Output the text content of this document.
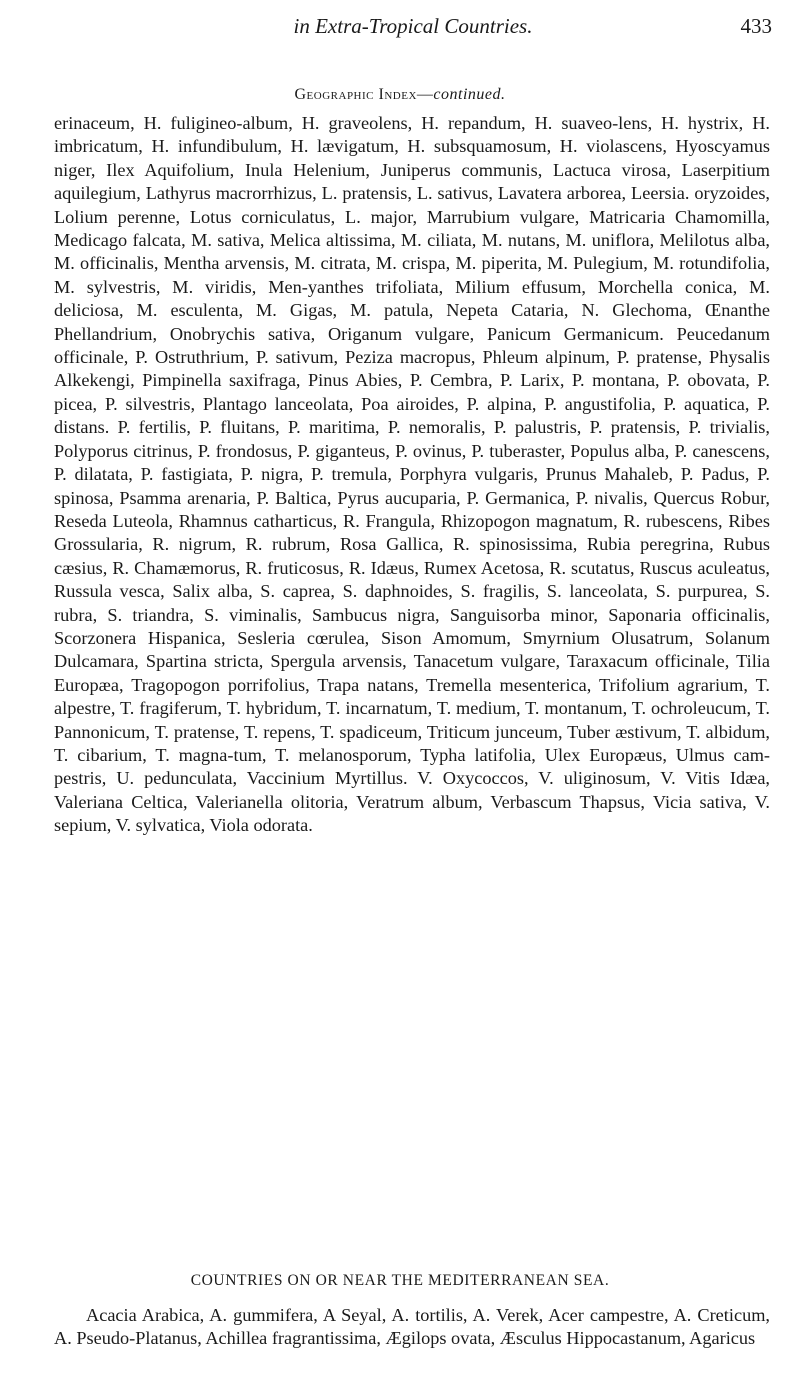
in Extra-Tropical Countries.	433
Geographic Index—continued.

erinaceum, H. fuligineo-album, H. graveolens, H. repandum, H. suaveo-lens, H. hystrix, H. imbricatum, H. infundibulum, H. lævigatum, H. subsquamosum, H. violascens, Hyoscyamus niger, Ilex Aquifolium, Inula Helenium, Juniperus communis, Lactuca virosa, Laserpitium aquilegium, Lathyrus macrorrhizus, L. pratensis, L. sativus, Lavatera arborea, Leersia. oryzoides, Lolium perenne, Lotus corniculatus, L. major, Marrubium vulgare, Matricaria Chamomilla, Medicago falcata, M. sativa, Melica altissima, M. ciliata, M. nutans, M. uniflora, Melilotus alba, M. officinalis, Mentha arvensis, M. citrata, M. crispa, M. piperita, M. Pulegium, M. rotundifolia, M. sylvestris, M. viridis, Men-yanthes trifoliata, Milium effusum, Morchella conica, M. deliciosa, M. esculenta, M. Gigas, M. patula, Nepeta Cataria, N. Glechoma, Œnanthe Phellandrium, Onobrychis sativa, Origanum vulgare, Panicum Germanicum. Peucedanum officinale, P. Ostruthrium, P. sativum, Peziza macropus, Phleum alpinum, P. pratense, Physalis Alkekengi, Pimpinella saxifraga, Pinus Abies, P. Cembra, P. Larix, P. montana, P. obovata, P. picea, P. silvestris, Plantago lanceolata, Poa airoides, P. alpina, P. angustifolia, P. aquatica, P. distans. P. fertilis, P. fluitans, P. maritima, P. nemoralis, P. palustris, P. pratensis, P. trivialis, Polyporus citrinus, P. frondosus, P. giganteus, P. ovinus, P. tuberaster, Populus alba, P. canescens, P. dilatata, P. fastigiata, P. nigra, P. tremula, Porphyra vulgaris, Prunus Mahaleb, P. Padus, P. spinosa, Psamma arenaria, P. Baltica, Pyrus aucuparia, P. Germanica, P. nivalis, Quercus Robur, Reseda Luteola, Rhamnus catharticus, R. Frangula, Rhizopogon magnatum, R. rubescens, Ribes Grossularia, R. nigrum, R. rubrum, Rosa Gallica, R. spinosissima, Rubia peregrina, Rubus cæsius, R. Chamæmorus, R. fruticosus, R. Idæus, Rumex Acetosa, R. scutatus, Ruscus aculeatus, Russula vesca, Salix alba, S. caprea, S. daphnoides, S. fragilis, S. lanceolata, S. purpurea, S. rubra, S. triandra, S. viminalis, Sambucus nigra, Sanguisorba minor, Saponaria officinalis, Scorzonera Hispanica, Sesleria cœrulea, Sison Amomum, Smyrnium Olusatrum, Solanum Dulcamara, Spartina stricta, Spergula arvensis, Tanacetum vulgare, Taraxacum officinale, Tilia Europæa, Tragopogon porrifolius, Trapa natans, Tremella mesenterica, Trifolium agrarium, T. alpestre, T. fragiferum, T. hybridum, T. incarnatum, T. medium, T. montanum, T. ochroleucum, T. Pannonicum, T. pratense, T. repens, T. spadiceum, Triticum junceum, Tuber æstivum, T. albidum, T. cibarium, T. magna-tum, T. melanosporum, Typha latifolia, Ulex Europæus, Ulmus cam-pestris, U. pedunculata, Vaccinium Myrtillus. V. Oxycoccos, V. uliginosum, V. Vitis Idæa, Valeriana Celtica, Valerianella olitoria, Veratrum album, Verbascum Thapsus, Vicia sativa, V. sepium, V. sylvatica, Viola odorata.

COUNTRIES ON OR NEAR THE MEDITERRANEAN SEA.

Acacia Arabica, A. gummifera, A Seyal, A. tortilis, A. Verek, Acer campestre, A. Creticum, A. Pseudo-Platanus, Achillea fragrantissima, Ægilops ovata, Æsculus Hippocastanum, Agaricus
